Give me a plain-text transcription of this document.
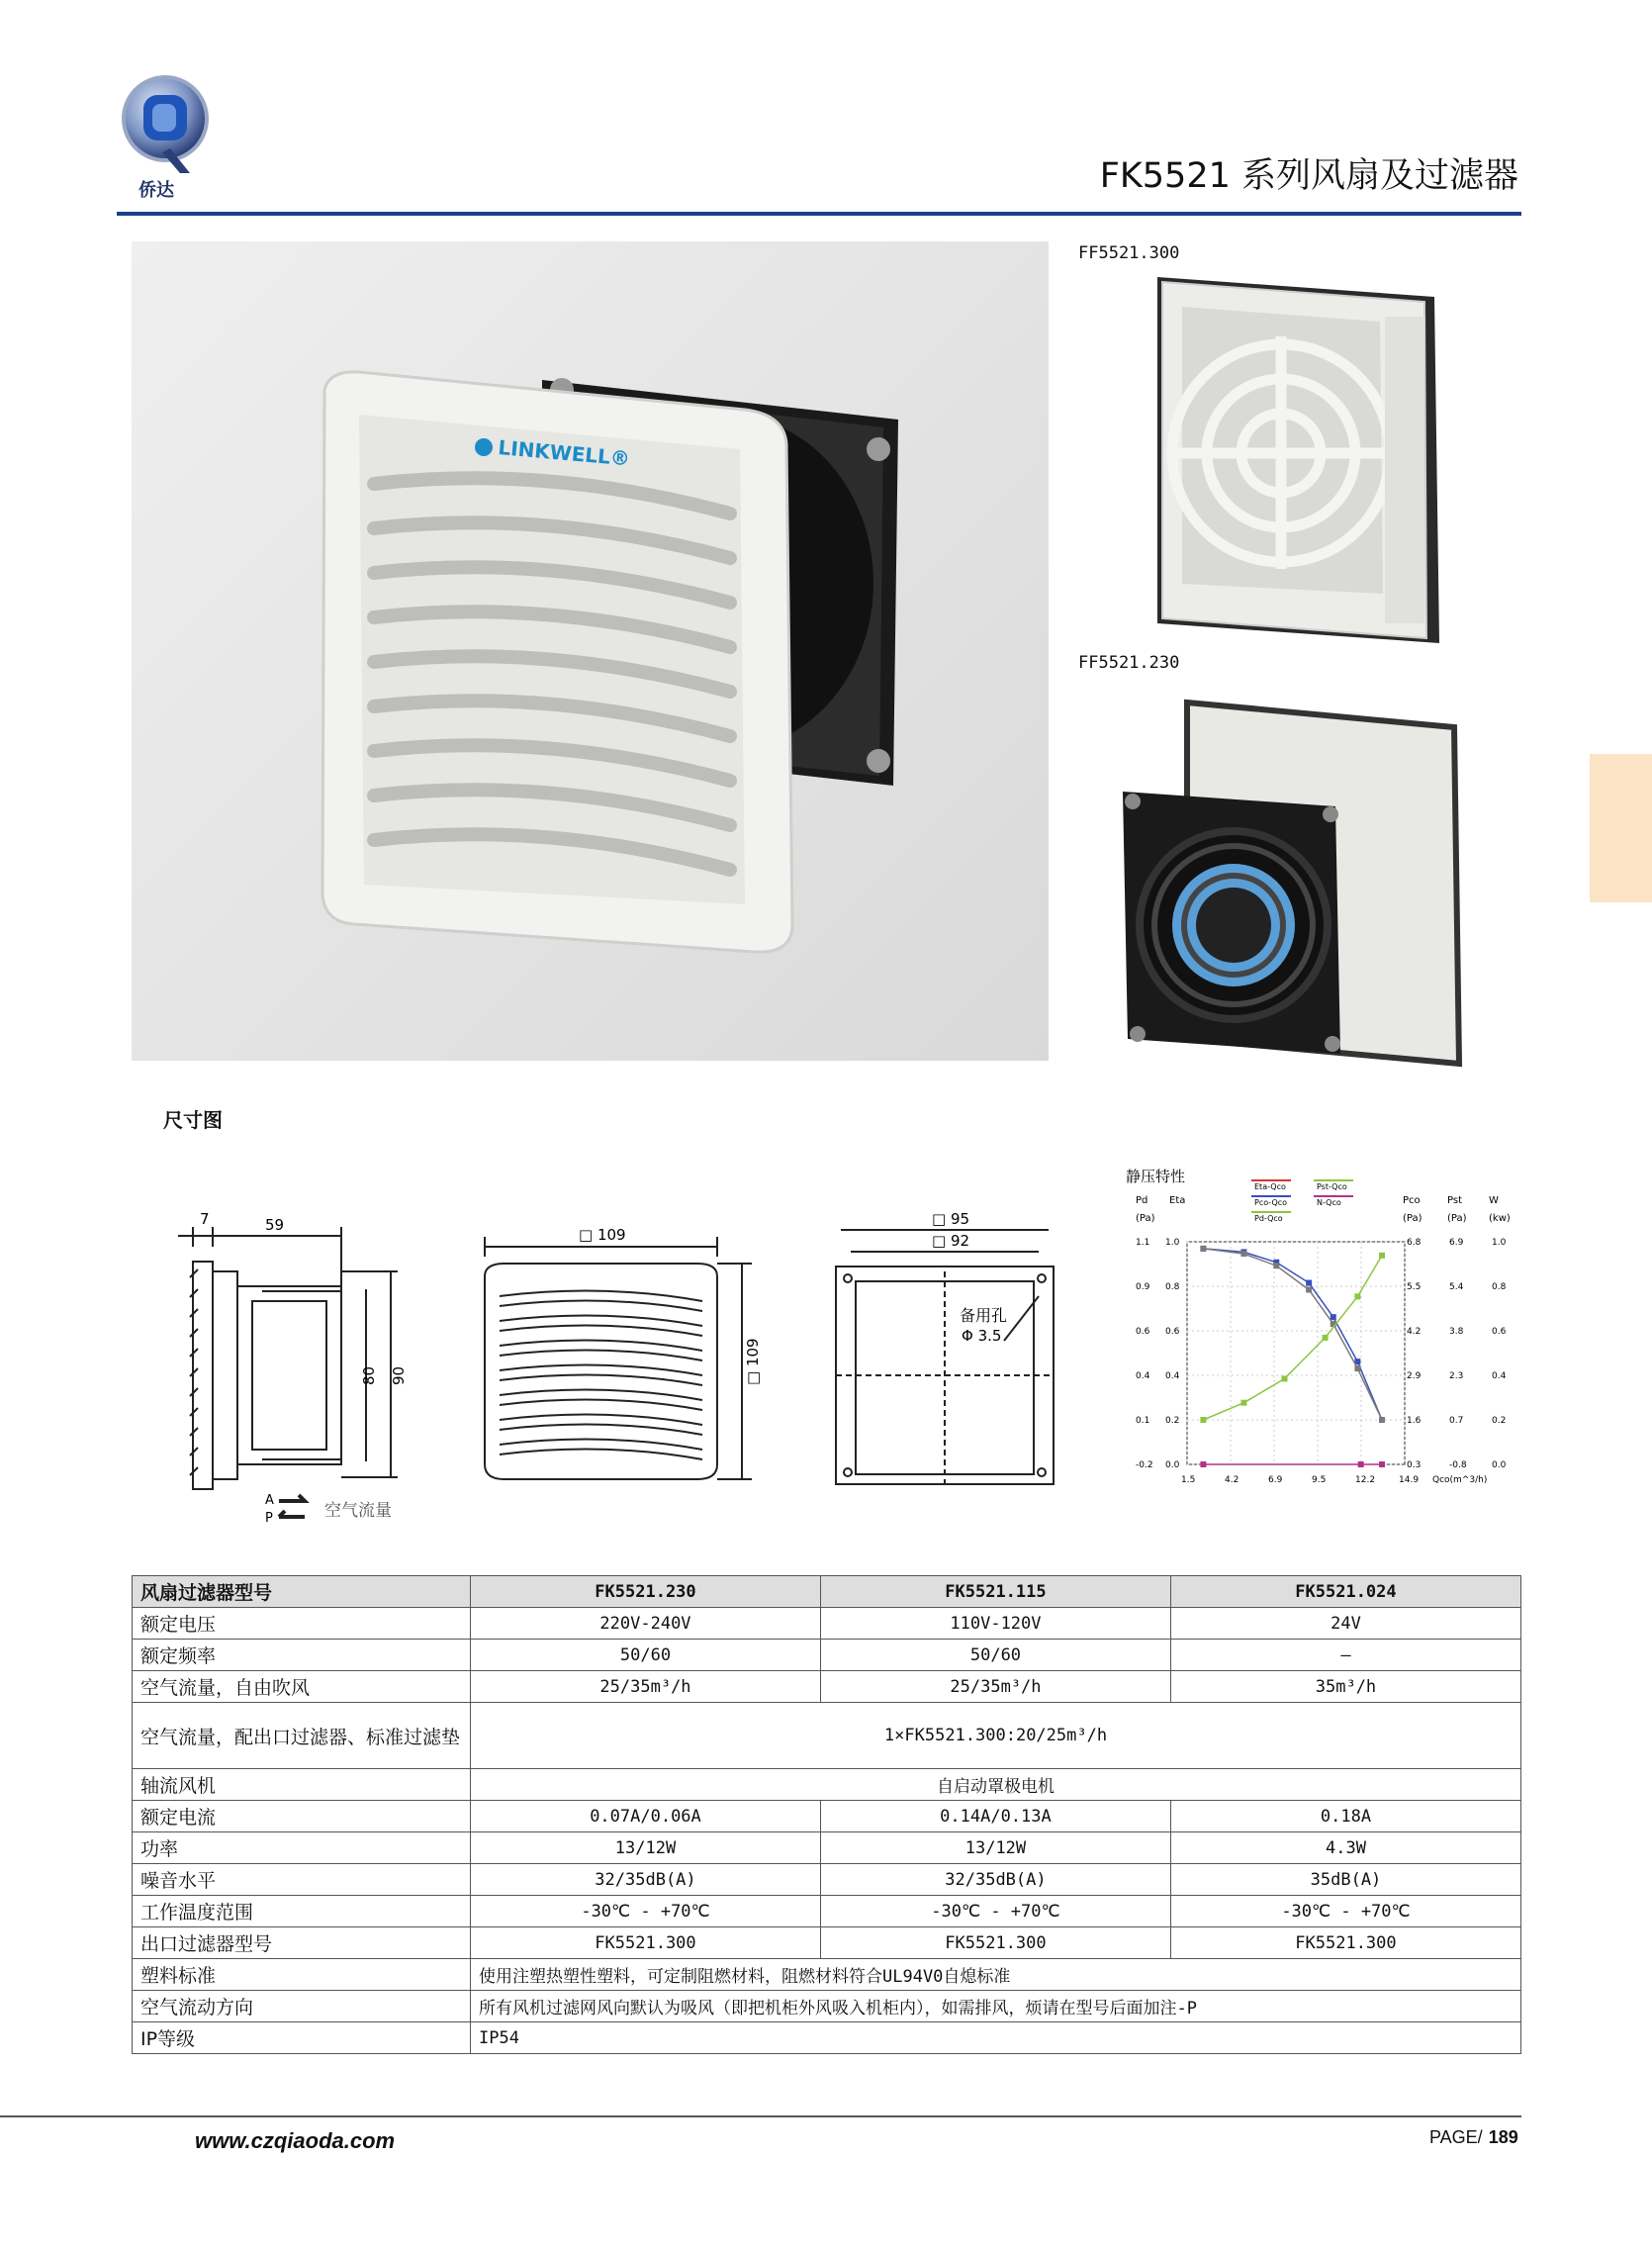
侨达	FK5521 系列风扇及过滤器
LINKWELL®
FF5521.300
FF5521.230
尺寸图
7	59
80 90
A
P	空气流量
□ 109
□ 109
□ 95
□ 92
备用孔
Φ 3.5
静压特性
Eta-Qco	Pst-Qco
Pco-Qco	N-Qco
Pd-Qco
Pd
(Pa)
Eta	Pco
(Pa)
Pst
(Pa)
W
(kw)
Qco(m^3/h)
1.5	4.2	6.9	9.5	12.2	14.9
1.1 1.0	6.8	6.9	1.0
0.9 0.8	5.5	5.4	0.8
0.6 0.6	4.2	3.8	0.6
0.4 0.4	2.9	2.3	0.4
0.1 0.2	1.6	0.7	0.2
-0.2 0.0	0.3	-0.8	0.0
风扇过滤器型号	FK5521.230	FK5521.115	FK5521.024
额定电压	220V-240V	110V-120V	24V
额定频率	50/60	50/60	–
空气流量，自由吹风	25/35m³/h	25/35m³/h	35m³/h
空气流量，配出口过滤器、标准过滤垫	1×FK5521.300:20/25m³/h		
轴流风机	自启动罩极电机		
额定电流	0.07A/0.06A	0.14A/0.13A	0.18A
功率	13/12W	13/12W	4.3W
噪音水平	32/35dB(A)	32/35dB(A)	35dB(A)
工作温度范围	-30℃ - +70℃	-30℃ - +70℃	-30℃ - +70℃
出口过滤器型号	FK5521.300	FK5521.300	FK5521.300
塑料标准	使用注塑热塑性塑料，可定制阻燃材料，阻燃材料符合UL94V0自熄标准		
空气流动方向	所有风机过滤网风向默认为吸风（即把机柜外风吸入机柜内），如需排风，烦请在型号后面加注-P		
IP等级	IP54		
www.czqiaoda.com	PAGE/ 189
